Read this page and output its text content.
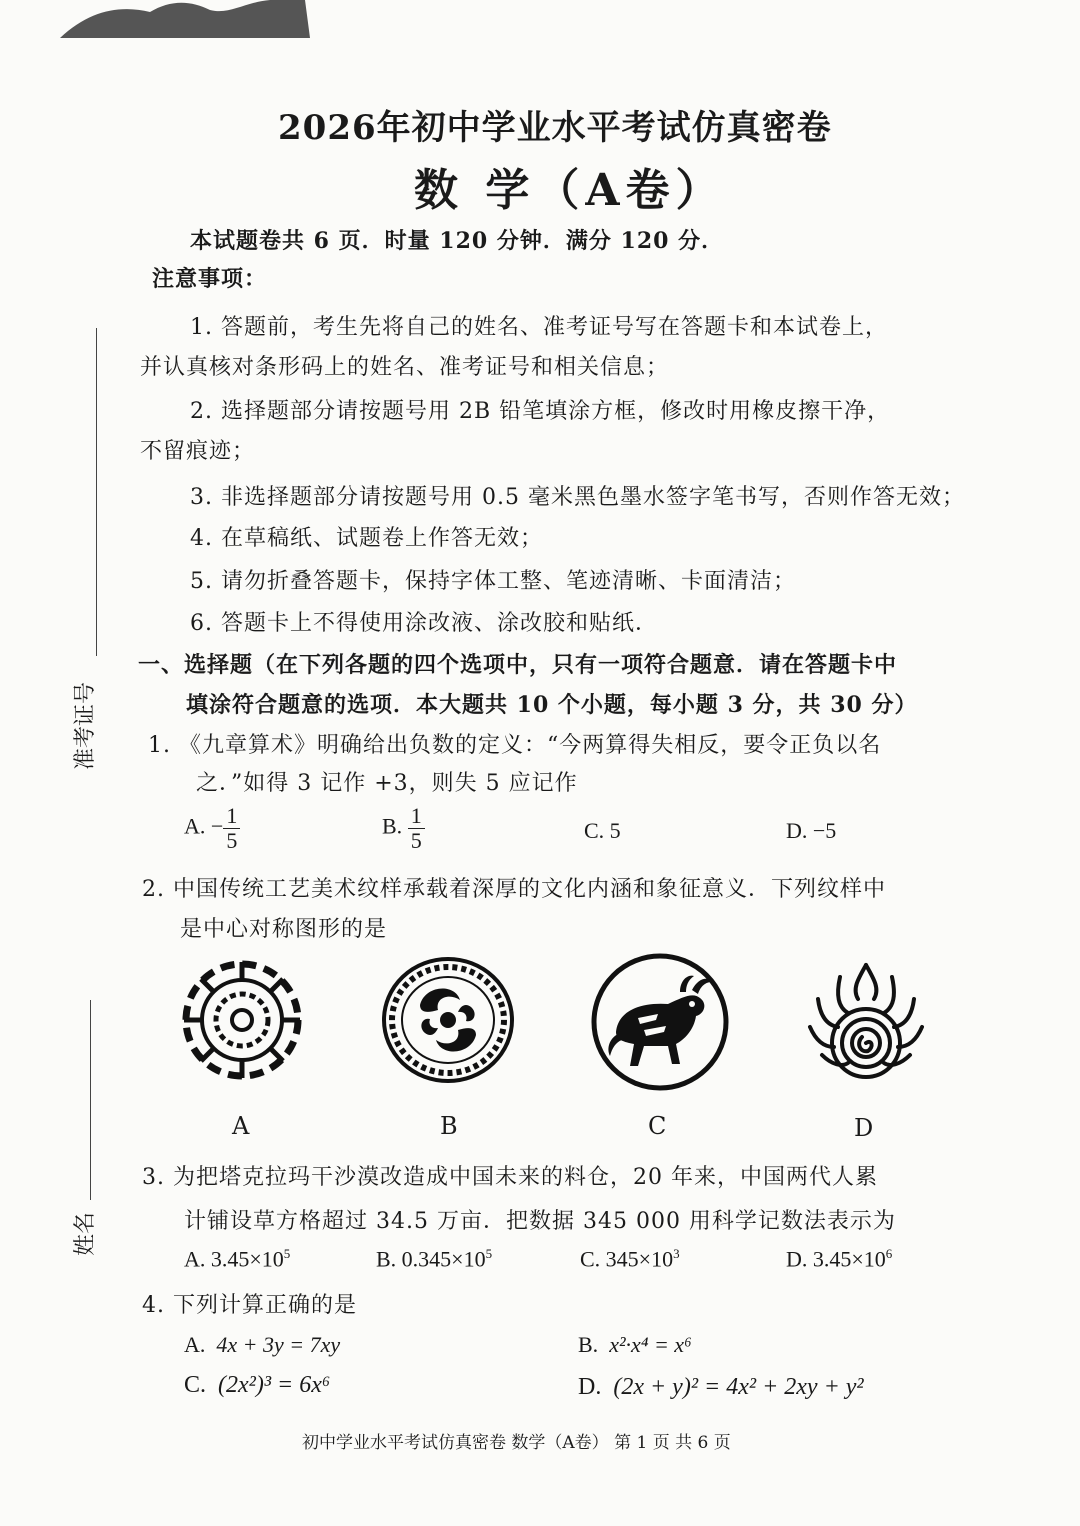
2026年初中学业水平考试仿真密卷
数 学（A卷）
本试题卷共 6 页．时量 120 分钟．满分 120 分．
注意事项：
1. 答题前，考生先将自己的姓名、准考证号写在答题卡和本试卷上，
并认真核对条形码上的姓名、准考证号和相关信息；
2. 选择题部分请按题号用 2B 铅笔填涂方框，修改时用橡皮擦干净，
不留痕迹；
3. 非选择题部分请按题号用 0.5 毫米黑色墨水签字笔书写，否则作答无效；
4. 在草稿纸、试题卷上作答无效；
5. 请勿折叠答题卡，保持字体工整、笔迹清晰、卡面清洁；
6. 答题卡上不得使用涂改液、涂改胶和贴纸．
准考证号
姓名
一、选择题（在下列各题的四个选项中，只有一项符合题意．请在答题卡中
填涂符合题意的选项．本大题共 10 个小题，每小题 3 分，共 30 分）
1. 《九章算术》明确给出负数的定义：“今两算得失相反，要令正负以名
之．”如得 3 记作 +3，则失 5 应记作
A. − $\frac{1}{5}$	B. $\frac{1}{5}$	C. 5	D. −5
2. 中国传统工艺美术纹样承载着深厚的文化内涵和象征意义．下列纹样中
是中心对称图形的是
A	B	C	D
3. 为把塔克拉玛干沙漠改造成中国未来的料仓，20 年来，中国两代人累
计铺设草方格超过 34.5 万亩．把数据 345 000 用科学记数法表示为
A. $3.45\times 10^5$	B. $0.345\times 10^5$	C. $345\times 10^3$	D. $3.45\times 10^6$
4. 下列计算正确的是
A. 4x + 3y = 7xy	B. x²·x⁴ = x⁶
C. (2x²)³ = 6x⁶	D. (2x + y)² = 4x² + 2xy + y²
初中学业水平考试仿真密卷 数学（A卷） 第 1 页 共 6 页
